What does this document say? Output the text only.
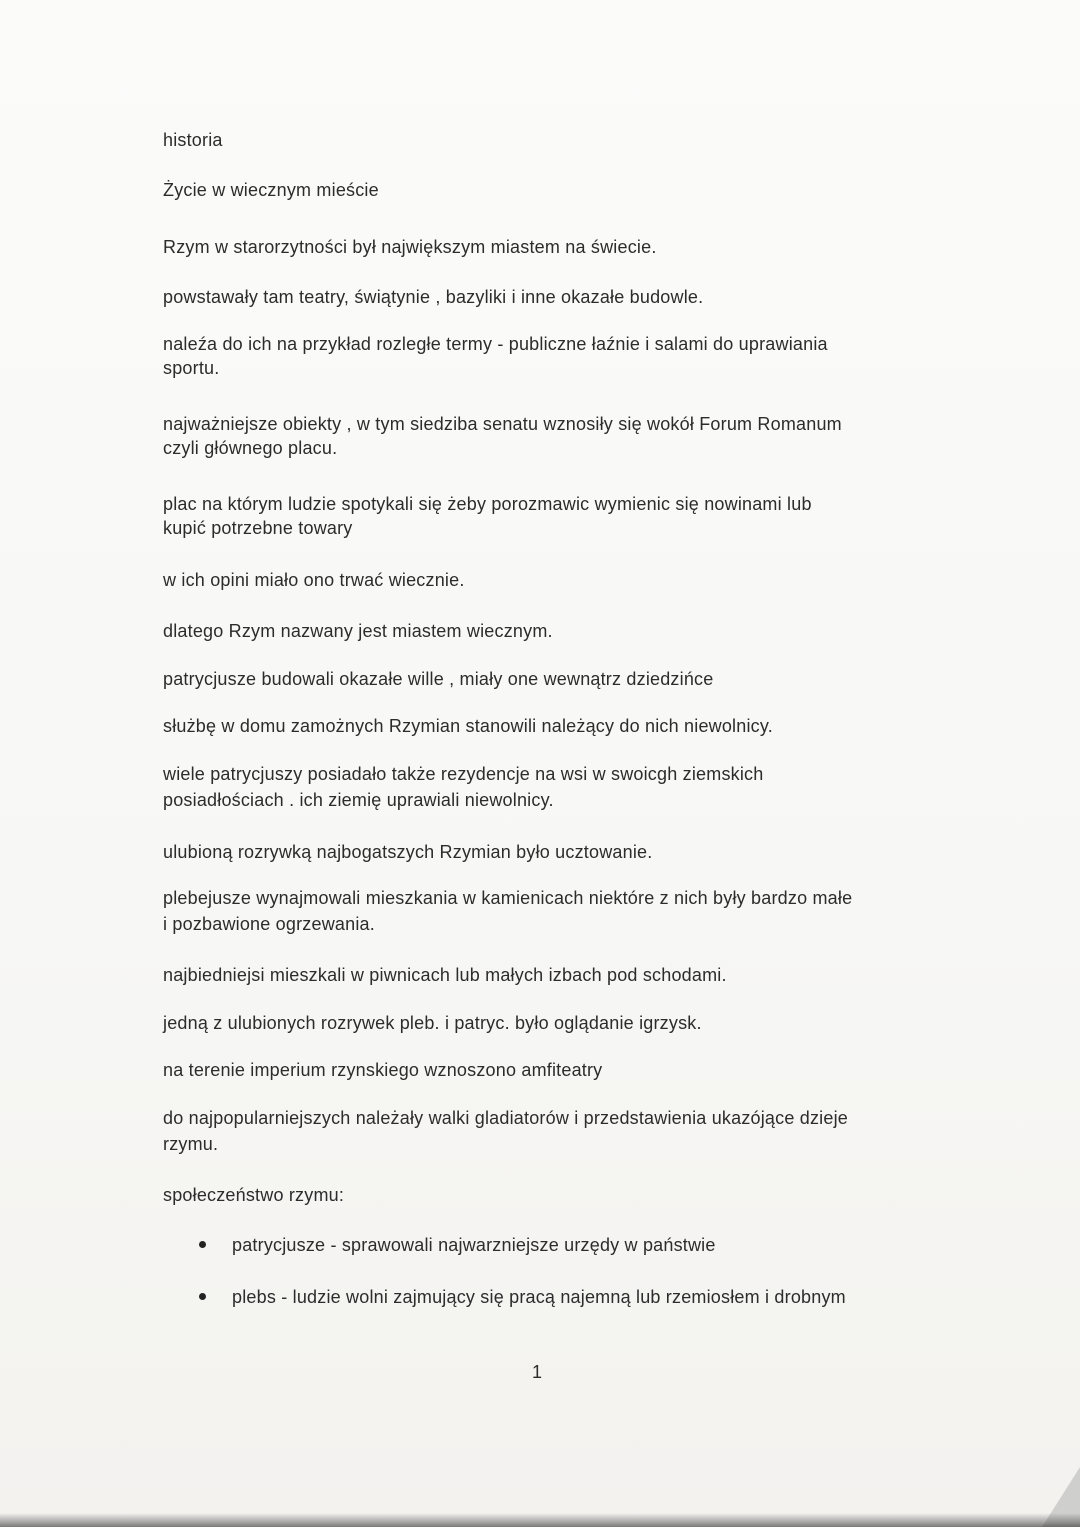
historia

Życie w wiecznym mieście

Rzym w starorzytności był największym miastem na świecie.

powstawały tam teatry, świątynie , bazyliki i inne okazałe budowle.

naleźa do ich na przykład rozległe termy - publiczne łaźnie i salami do uprawiania
sportu.

najważniejsze obiekty , w tym siedziba senatu wznosiły się wokół Forum Romanum
czyli głównego placu.

plac na którym ludzie spotykali się żeby porozmawic wymienic się nowinami lub
kupić potrzebne towary

w ich opini miało ono trwać wiecznie.

dlatego Rzym nazwany jest miastem wiecznym.

patrycjusze budowali okazałe wille , miały one wewnątrz dziedzińce

służbę w domu zamożnych Rzymian stanowili należący do nich niewolnicy.

wiele patrycjuszy posiadało także rezydencje na wsi w swoicgh ziemskich
posiadłościach . ich ziemię uprawiali niewolnicy.

ulubioną rozrywką najbogatszych Rzymian było ucztowanie.

plebejusze wynajmowali mieszkania w kamienicach niektóre z nich były bardzo małe
i pozbawione ogrzewania.

najbiedniejsi mieszkali w piwnicach lub małych izbach pod schodami.

jedną z ulubionych rozrywek pleb. i patryc. było oglądanie igrzysk.

na terenie imperium rzynskiego wznoszono amfiteatry

do najpopularniejszych należały walki gladiatorów i przedstawienia ukazójące dzieje
rzymu.

społeczeństwo rzymu:

patrycjusze - sprawowali najwarzniejsze urzędy w państwie

plebs - ludzie wolni zajmujący się pracą najemną lub rzemiosłem i drobnym

1
